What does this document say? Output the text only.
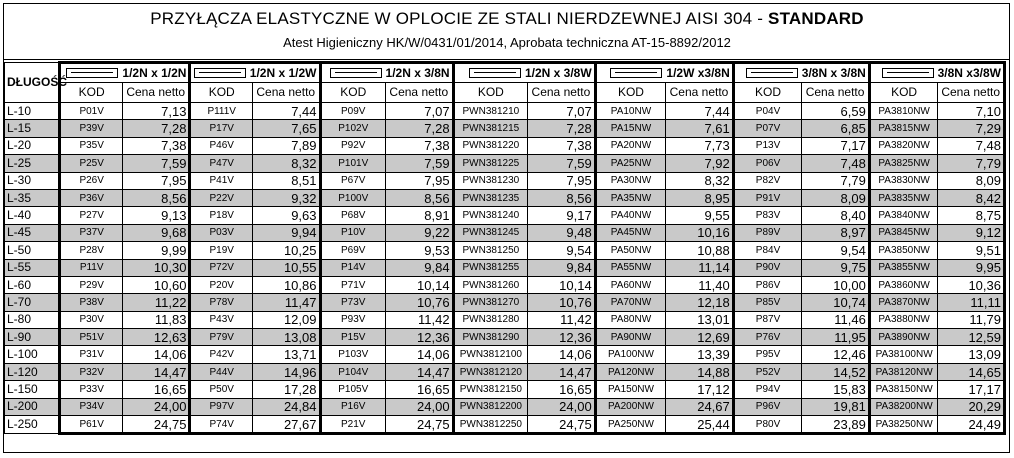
PRZYŁĄCZA ELASTYCZNE W OPLOCIE ZE STALI NIERDZEWNEJ AISI 304 - STANDARD
Atest Higieniczny HK/W/0431/01/2014, Aprobata techniczna AT-15-8892/2012
DŁUGOŚĆ	1/2N x 1/2N		1/2N x 1/2W		1/2N x 3/8N		1/2N x 3/8W		1/2W x3/8N		3/8N x 3/8N		3/8N x3/8W	

	KOD	Cena netto	KOD	Cena netto	KOD	Cena netto	KOD	Cena netto	KOD	Cena netto	KOD	Cena netto	KOD	Cena netto
L-10	P01V	7,13	P111V	7,44	P09V	7,07	PWN381210	7,07	PA10NW	7,44	P04V	6,59	PA3810NW	7,10
L-15	P39V	7,28	P17V	7,65	P102V	7,28	PWN381215	7,28	PA15NW	7,61	P07V	6,85	PA3815NW	7,29
L-20	P35V	7,38	P46V	7,89	P92V	7,38	PWN381220	7,38	PA20NW	7,73	P13V	7,17	PA3820NW	7,48
L-25	P25V	7,59	P47V	8,32	P101V	7,59	PWN381225	7,59	PA25NW	7,92	P06V	7,48	PA3825NW	7,79
L-30	P26V	7,95	P41V	8,51	P67V	7,95	PWN381230	7,95	PA30NW	8,32	P82V	7,79	PA3830NW	8,09
L-35	P36V	8,56	P22V	9,32	P100V	8,56	PWN381235	8,56	PA35NW	8,95	P91V	8,09	PA3835NW	8,42
L-40	P27V	9,13	P18V	9,63	P68V	8,91	PWN381240	9,17	PA40NW	9,55	P83V	8,40	PA3840NW	8,75
L-45	P37V	9,68	P03V	9,94	P10V	9,22	PWN381245	9,48	PA45NW	10,16	P89V	8,97	PA3845NW	9,12
L-50	P28V	9,99	P19V	10,25	P69V	9,53	PWN381250	9,54	PA50NW	10,88	P84V	9,54	PA3850NW	9,51
L-55	P11V	10,30	P72V	10,55	P14V	9,84	PWN381255	9,84	PA55NW	11,14	P90V	9,75	PA3855NW	9,95
L-60	P29V	10,60	P20V	10,86	P71V	10,14	PWN381260	10,14	PA60NW	11,40	P86V	10,00	PA3860NW	10,36
L-70	P38V	11,22	P78V	11,47	P73V	10,76	PWN381270	10,76	PA70NW	12,18	P85V	10,74	PA3870NW	11,11
L-80	P30V	11,83	P43V	12,09	P93V	11,42	PWN381280	11,42	PA80NW	13,01	P87V	11,46	PA3880NW	11,79
L-90	P51V	12,63	P79V	13,08	P15V	12,36	PWN381290	12,36	PA90NW	12,69	P76V	11,95	PA3890NW	12,59
L-100	P31V	14,06	P42V	13,71	P103V	14,06	PWN3812100	14,06	PA100NW	13,39	P95V	12,46	PA38100NW	13,09
L-120	P32V	14,47	P44V	14,96	P104V	14,47	PWN3812120	14,47	PA120NW	14,88	P52V	14,52	PA38120NW	14,65
L-150	P33V	16,65	P50V	17,28	P105V	16,65	PWN3812150	16,65	PA150NW	17,12	P94V	15,83	PA38150NW	17,17
L-200	P34V	24,00	P97V	24,84	P16V	24,00	PWN3812200	24,00	PA200NW	24,67	P96V	19,81	PA38200NW	20,29
L-250	P61V	24,75	P74V	27,67	P21V	24,75	PWN3812250	24,75	PA250NW	25,44	P80V	23,89	PA38250NW	24,49
